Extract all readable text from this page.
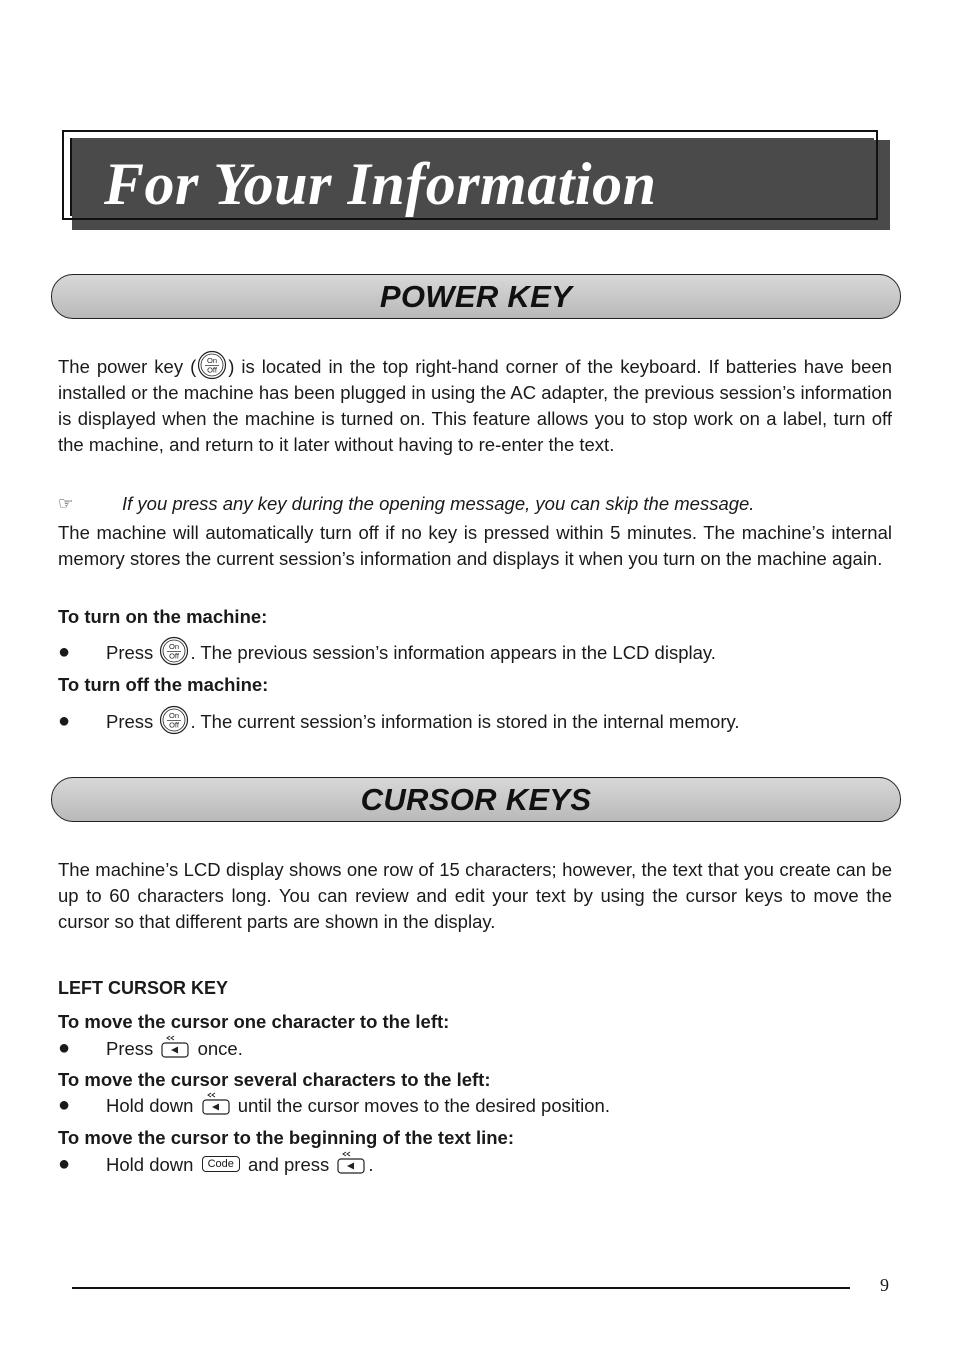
For Your Information
POWER KEY

The power key ( On
Off ) is located in the top right-hand corner of the keyboard. If batteries have been installed or the machine has been plugged in using the AC adapter, the previous session’s information is displayed when the machine is turned on. This feature allows you to stop work on a label, turn off the machine, and return to it later without having to re-enter the text.

☞	If you press any key during the opening message, you can skip the message.

The machine will automatically turn off if no key is pressed within 5 minutes. The machine’s internal memory stores the current session’s information and displays it when you turn on the machine again.

To turn on the machine:

● Press On
Off . The previous session’s information appears in the LCD display.

To turn off the machine:

● Press On
Off . The current session’s information is stored in the internal memory.
CURSOR KEYS

The machine’s LCD display shows one row of 15 characters; however, the text that you create can be up to 60 characters long. You can review and edit your text by using the cursor keys to move the cursor so that different parts are shown in the display.

LEFT CURSOR KEY

To move the cursor one character to the left:

● Press once.

To move the cursor several characters to the left:

● Hold down until the cursor moves to the desired position.

To move the cursor to the beginning of the text line:

● Hold down Code and press .
9
